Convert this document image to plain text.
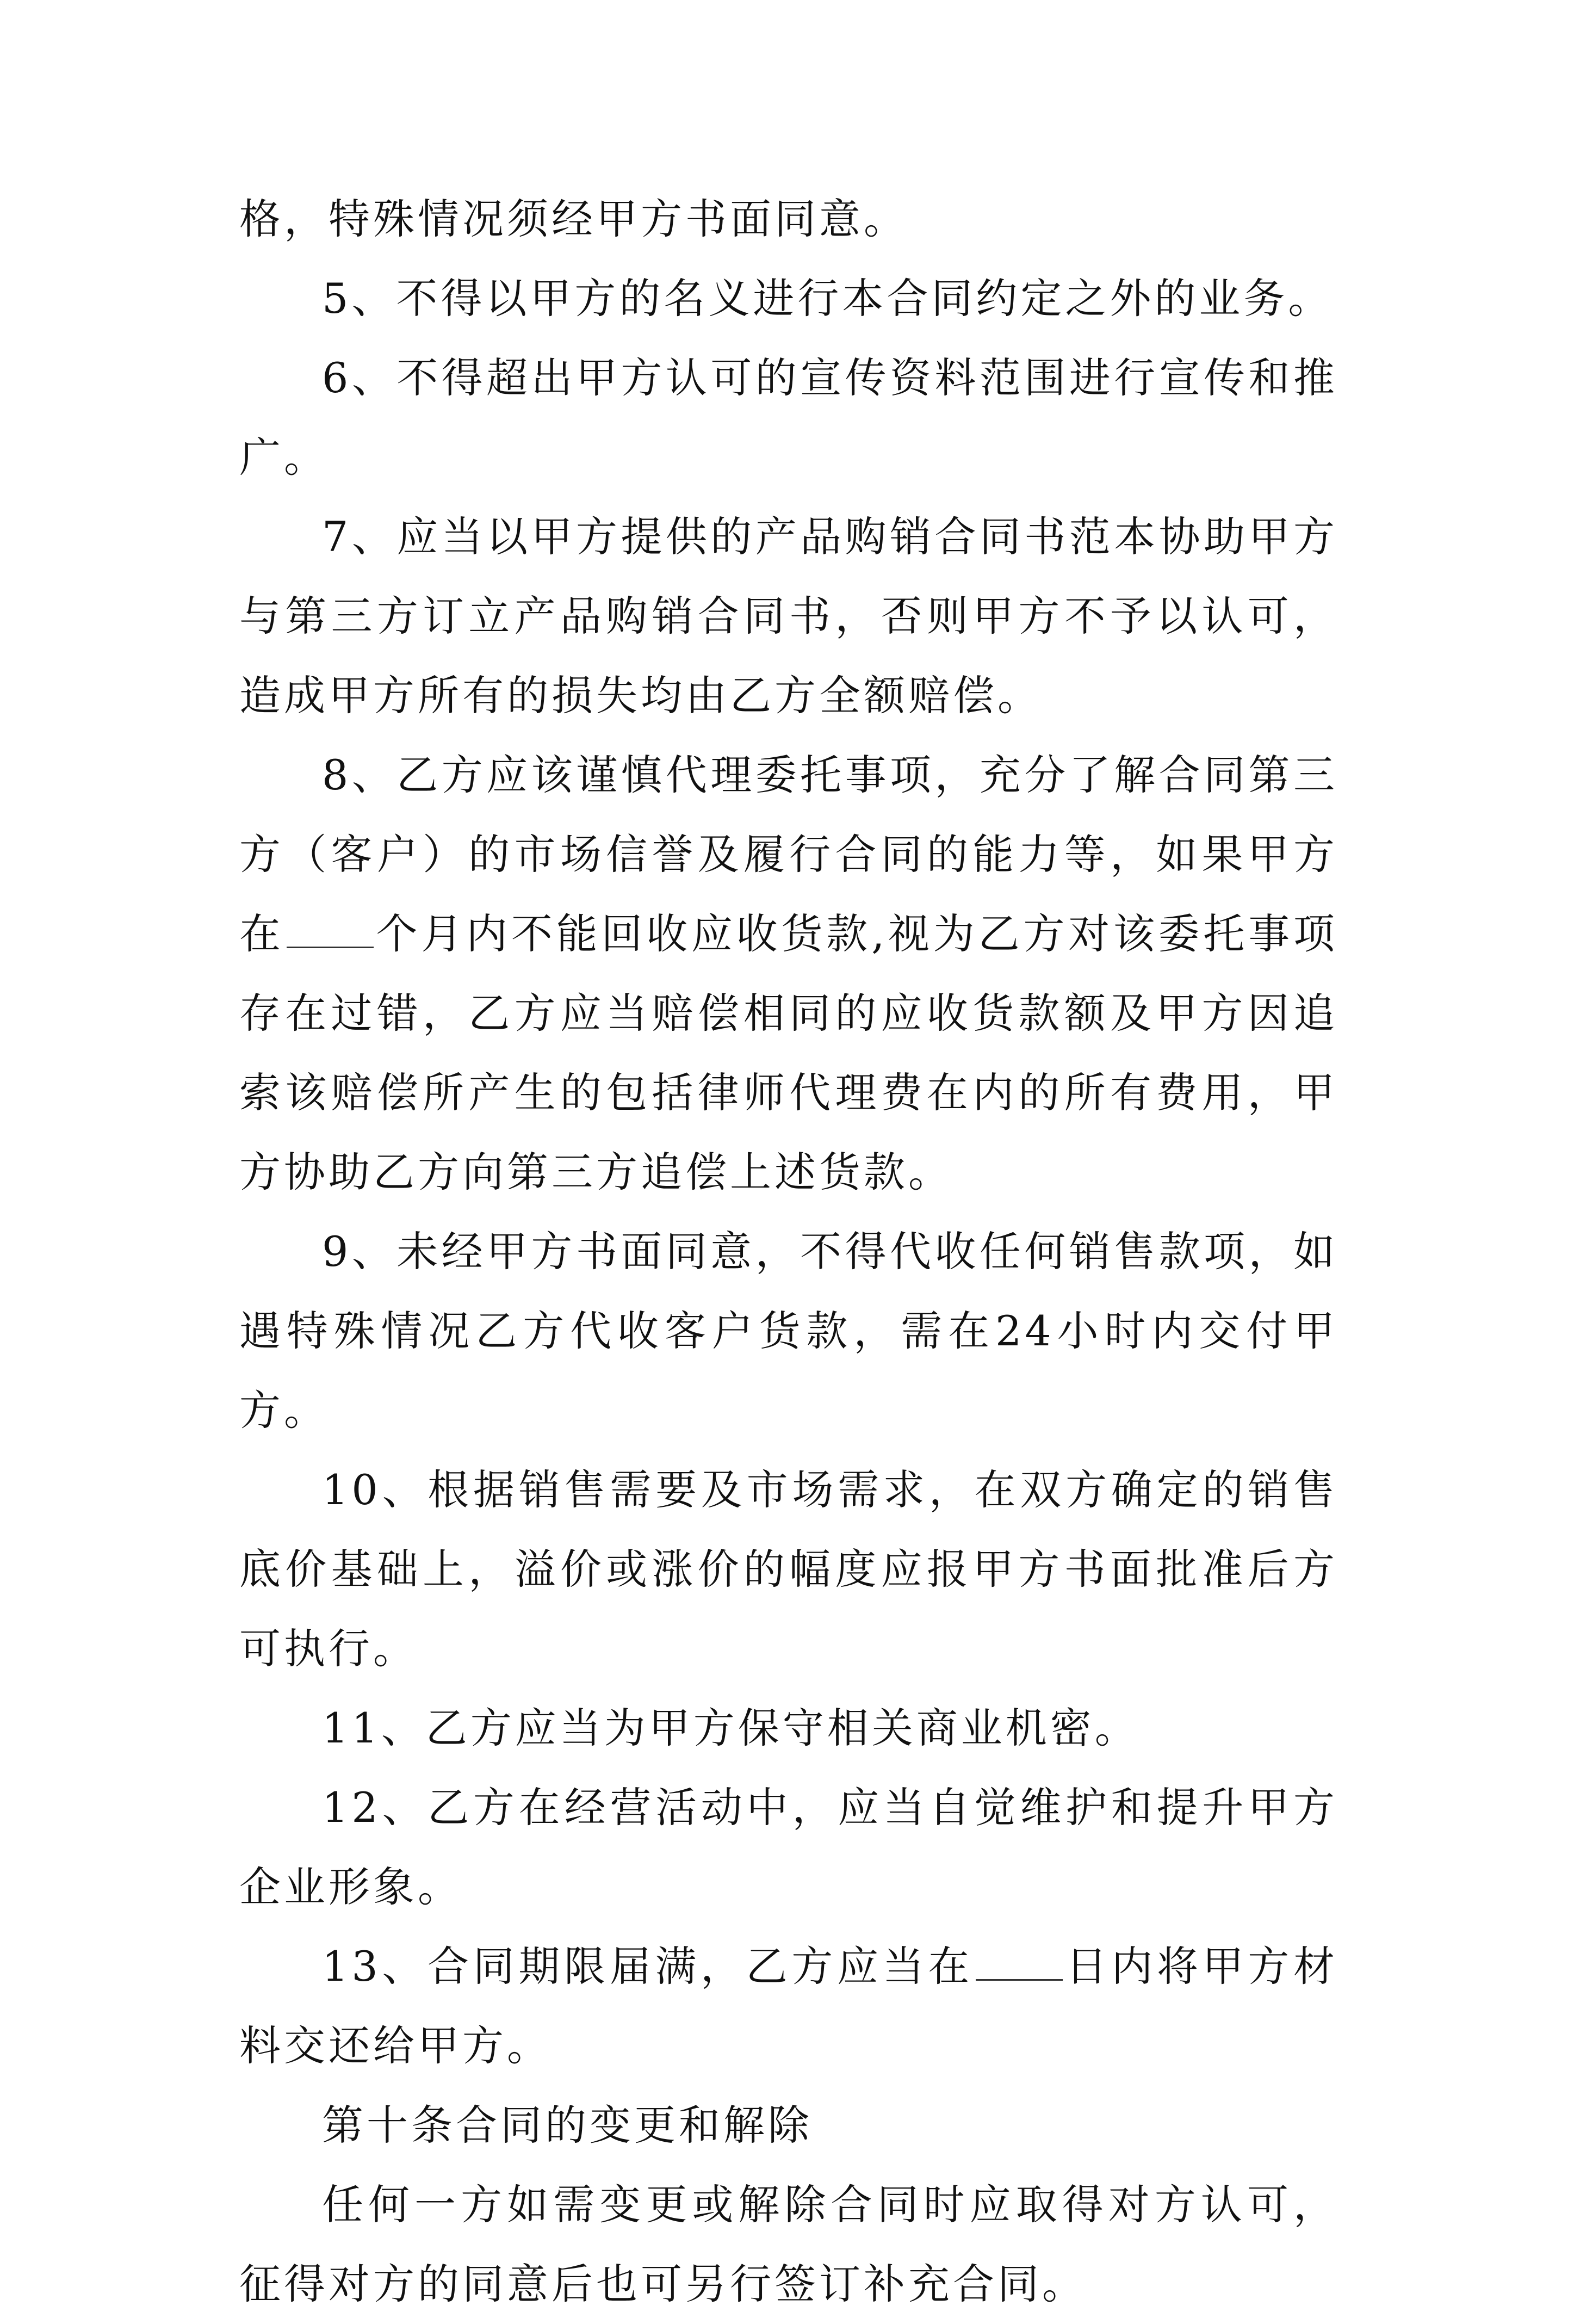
格，特殊情况须经甲方书面同意。

5、不得以甲方的名义进行本合同约定之外的业务。

6、不得超出甲方认可的宣传资料范围进行宣传和推广。

7、应当以甲方提供的产品购销合同书范本协助甲方与第三方订立产品购销合同书，否则甲方不予以认可，造成甲方所有的损失均由乙方全额赔偿。

8、乙方应该谨慎代理委托事项，充分了解合同第三方（客户）的市场信誉及履行合同的能力等，如果甲方在 个月内不能回收应收货款,视为乙方对该委托事项存在过错，乙方应当赔偿相同的应收货款额及甲方因追索该赔偿所产生的包括律师代理费在内的所有费用，甲方协助乙方向第三方追偿上述货款。

9、未经甲方书面同意，不得代收任何销售款项，如遇特殊情况乙方代收客户货款，需在24小时内交付甲方。

10、根据销售需要及市场需求，在双方确定的销售底价基础上，溢价或涨价的幅度应报甲方书面批准后方可执行。

11、乙方应当为甲方保守相关商业机密。

12、乙方在经营活动中，应当自觉维护和提升甲方企业形象。

13、合同期限届满，乙方应当在 日内将甲方材料交还给甲方。

第十条合同的变更和解除

任何一方如需变更或解除合同时应取得对方认可，征得对方的同意后也可另行签订补充合同。
